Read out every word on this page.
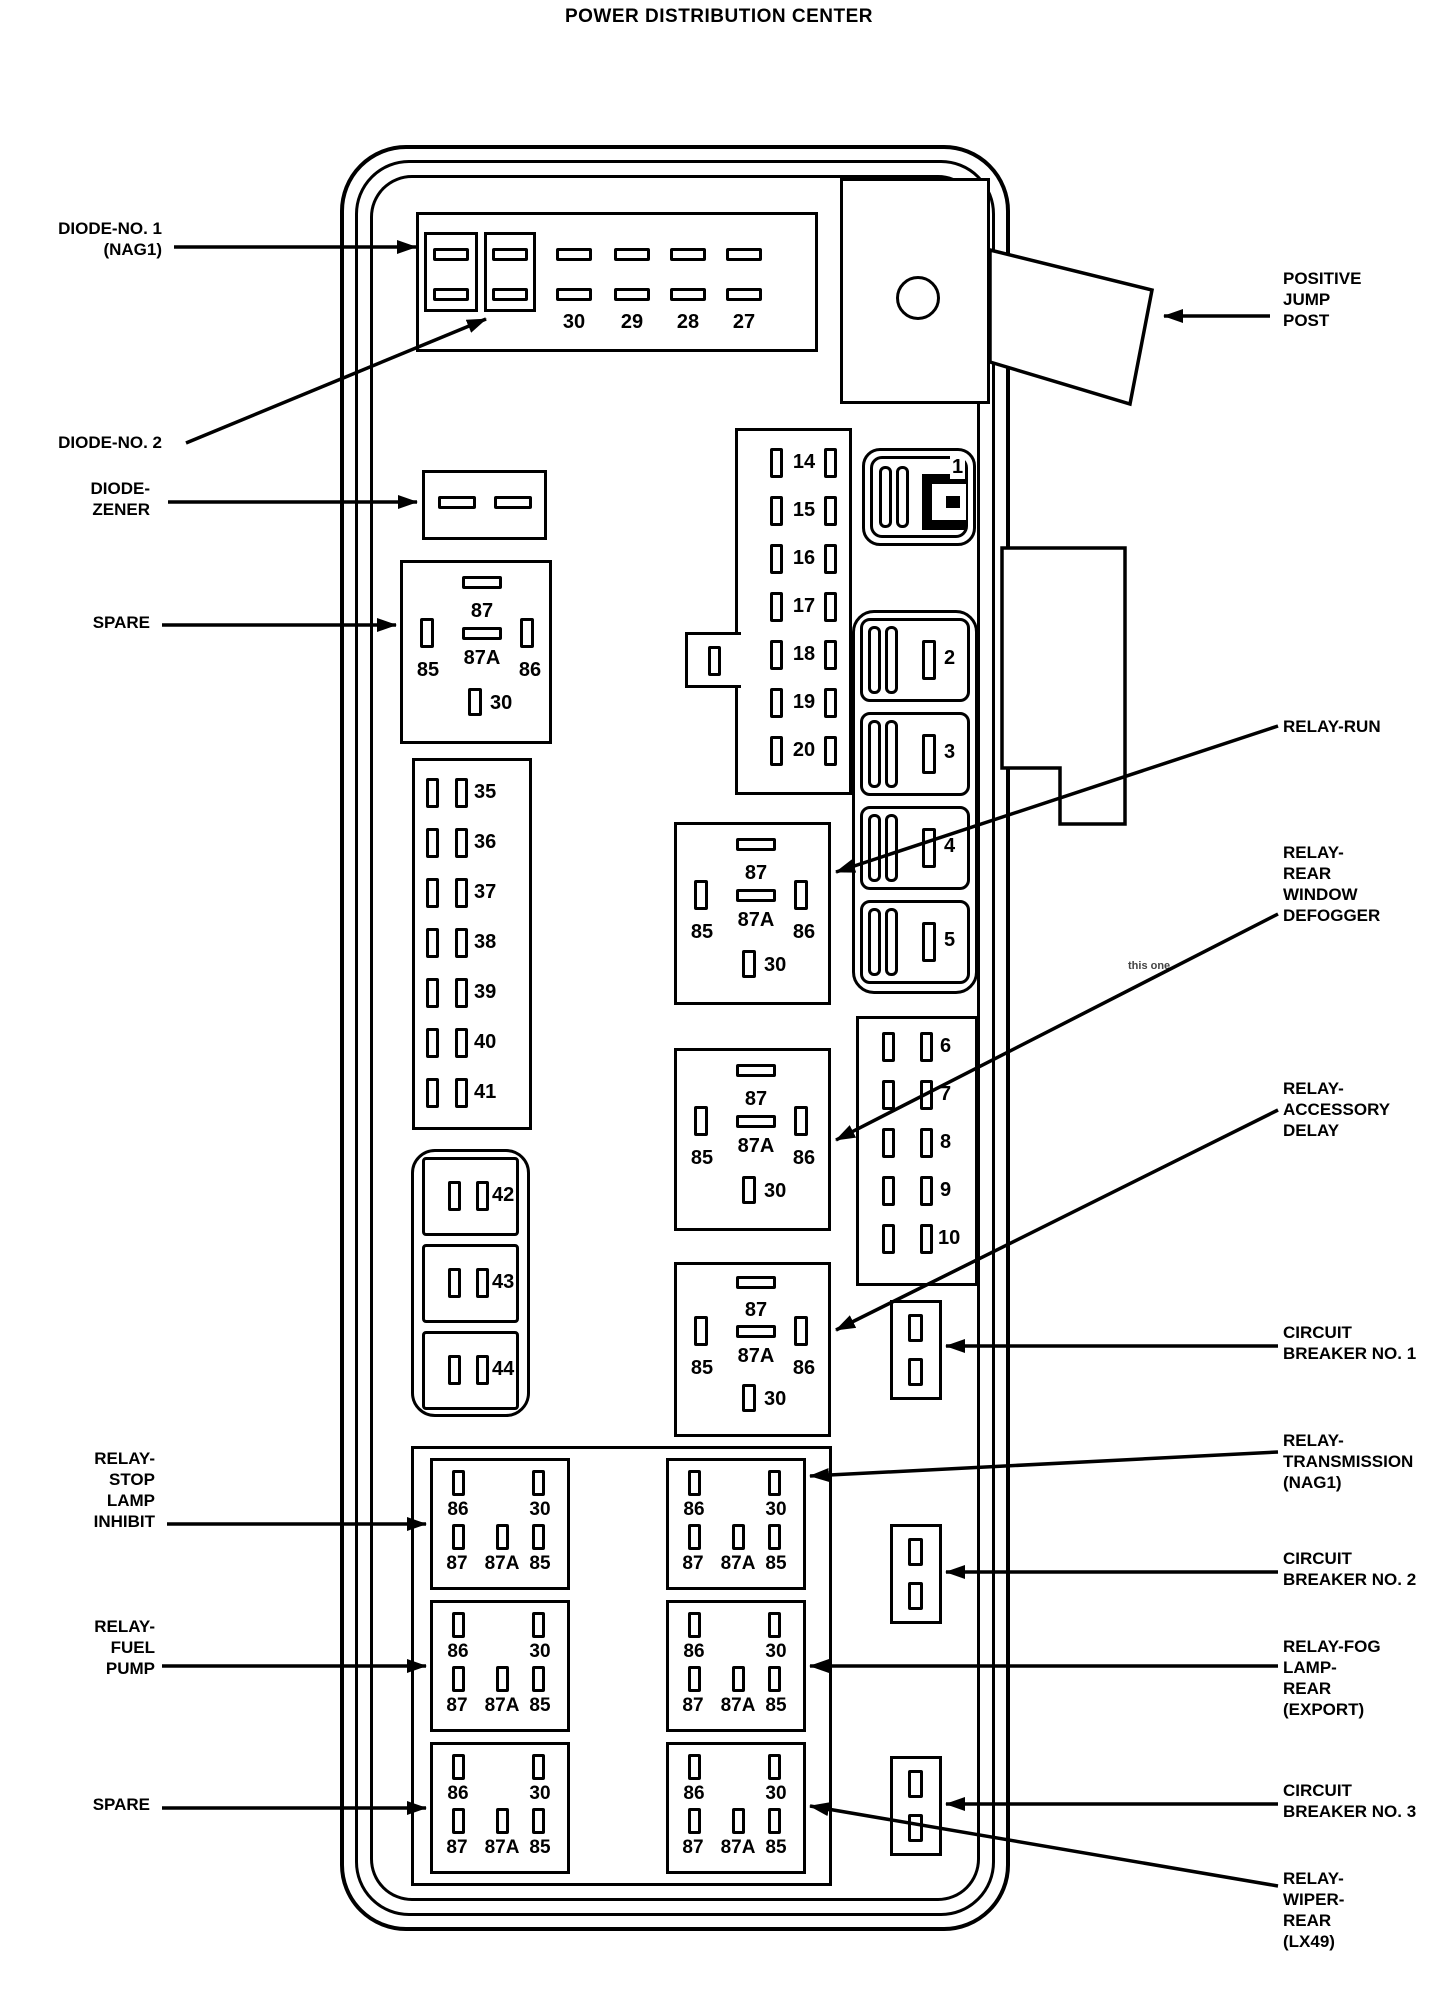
POWER DISTRIBUTION CENTER
30	29	28	27
87
87A
85	86
30
14
15
16
17
18
19
20
1
2
3
4
5
35
36
37
38
39
40
41
42
43
44
6
7
8
9
10
87
87A
85	86
30
87
87A
85	86
30
87
87A
85	86
30
86	30
87 87A 85
86	30
87 87A 85
86	30
87 87A 85
86	30
87 87A 85
86	30
87 87A 85
86	30
87 87A 85
DIODE-NO. 1
(NAG1)
DIODE-NO. 2
DIODE-
ZENER
SPARE
RELAY-
STOP
LAMP
INHIBIT
RELAY-
FUEL
PUMP
SPARE
POSITIVE
JUMP
POST
RELAY-RUN
RELAY-
REAR
WINDOW
DEFOGGER
this one
RELAY-
ACCESSORY
DELAY
CIRCUIT
BREAKER NO. 1
RELAY-
TRANSMISSION
(NAG1)
CIRCUIT
BREAKER NO. 2
RELAY-FOG
LAMP-
REAR
(EXPORT)
CIRCUIT
BREAKER NO. 3
RELAY-
WIPER-
REAR
(LX49)
